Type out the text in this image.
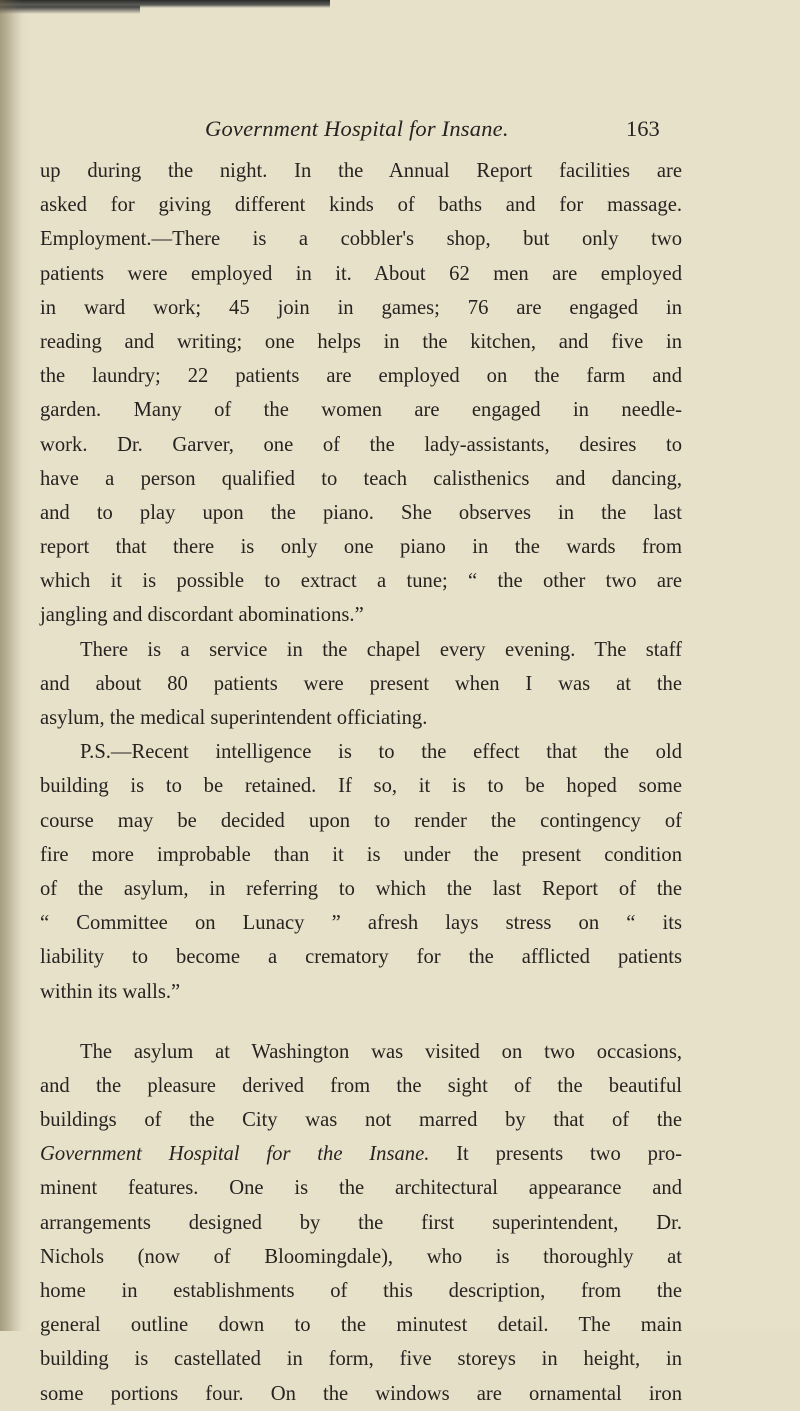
Government Hospital for Insane.	163
up during the night. In the Annual Report facilities are
asked for giving different kinds of baths and for massage.
Employment.—There is a cobbler's shop, but only two
patients were employed in it. About 62 men are employed
in ward work; 45 join in games; 76 are engaged in
reading and writing; one helps in the kitchen, and five in
the laundry; 22 patients are employed on the farm and
garden. Many of the women are engaged in needle-
work. Dr. Garver, one of the lady-assistants, desires to
have a person qualified to teach calisthenics and dancing,
and to play upon the piano. She observes in the last
report that there is only one piano in the wards from
which it is possible to extract a tune; “ the other two are
jangling and discordant abominations.”
There is a service in the chapel every evening. The staff
and about 80 patients were present when I was at the
asylum, the medical superintendent officiating.
P.S.—Recent intelligence is to the effect that the old
building is to be retained. If so, it is to be hoped some
course may be decided upon to render the contingency of
fire more improbable than it is under the present condition
of the asylum, in referring to which the last Report of the
“ Committee on Lunacy ” afresh lays stress on “ its
liability to become a crematory for the afflicted patients
within its walls.”
The asylum at Washington was visited on two occasions,
and the pleasure derived from the sight of the beautiful
buildings of the City was not marred by that of the
Government Hospital for the Insane. It presents two pro-
minent features. One is the architectural appearance and
arrangements designed by the first superintendent, Dr.
Nichols (now of Bloomingdale), who is thoroughly at
home in establishments of this description, from the
general outline down to the minutest detail. The main
building is castellated in form, five storeys in height, in
some portions four. On the windows are ornamental iron
